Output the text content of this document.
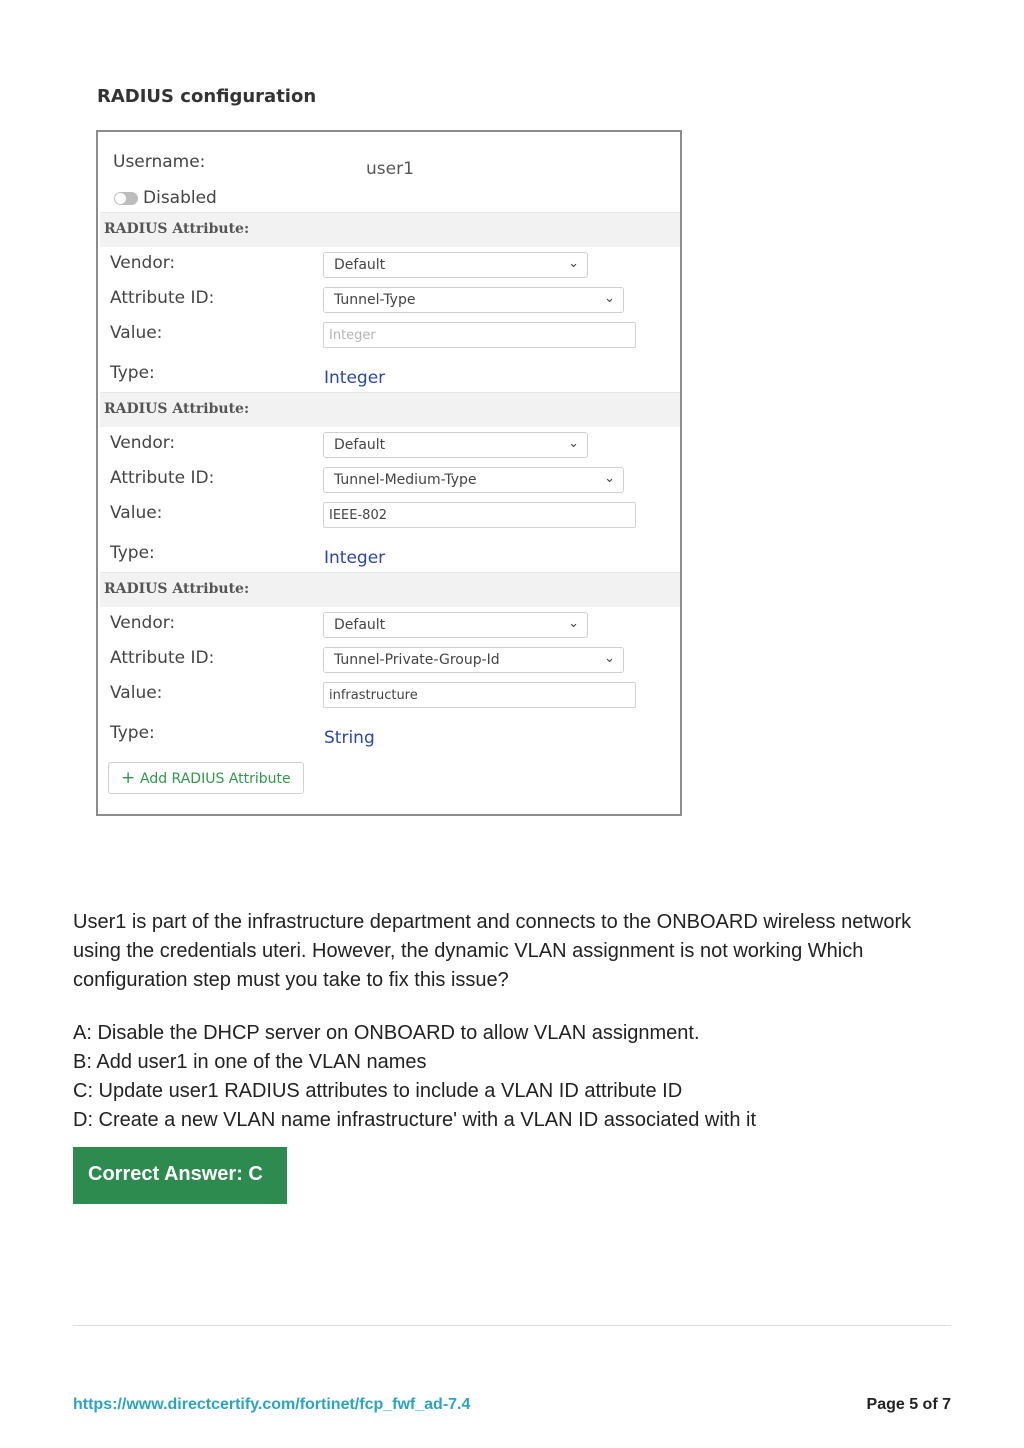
RADIUS configuration
Username:	user1
Disabled
RADIUS Attribute:
Vendor:	Default	⌄
Attribute ID:	Tunnel-Type	⌄
Value:	Integer
Type:	Integer
RADIUS Attribute:
Vendor:	Default	⌄
Attribute ID:	Tunnel-Medium-Type	⌄
Value:	IEEE-802
Type:	Integer
RADIUS Attribute:
Vendor:	Default	⌄
Attribute ID:	Tunnel-Private-Group-Id	⌄
Value:	infrastructure
Type:	String
+ Add RADIUS Attribute
User1 is part of the infrastructure department and connects to the ONBOARD wireless network using the credentials uteri. However, the dynamic VLAN assignment is not working Which configuration step must you take to fix this issue?
A: Disable the DHCP server on ONBOARD to allow VLAN assignment.
B: Add user1 in one of the VLAN names
C: Update user1 RADIUS attributes to include a VLAN ID attribute ID
D: Create a new VLAN name infrastructure' with a VLAN ID associated with it
Correct Answer: C
https://www.directcertify.com/fortinet/fcp_fwf_ad-7.4	Page 5 of 7
